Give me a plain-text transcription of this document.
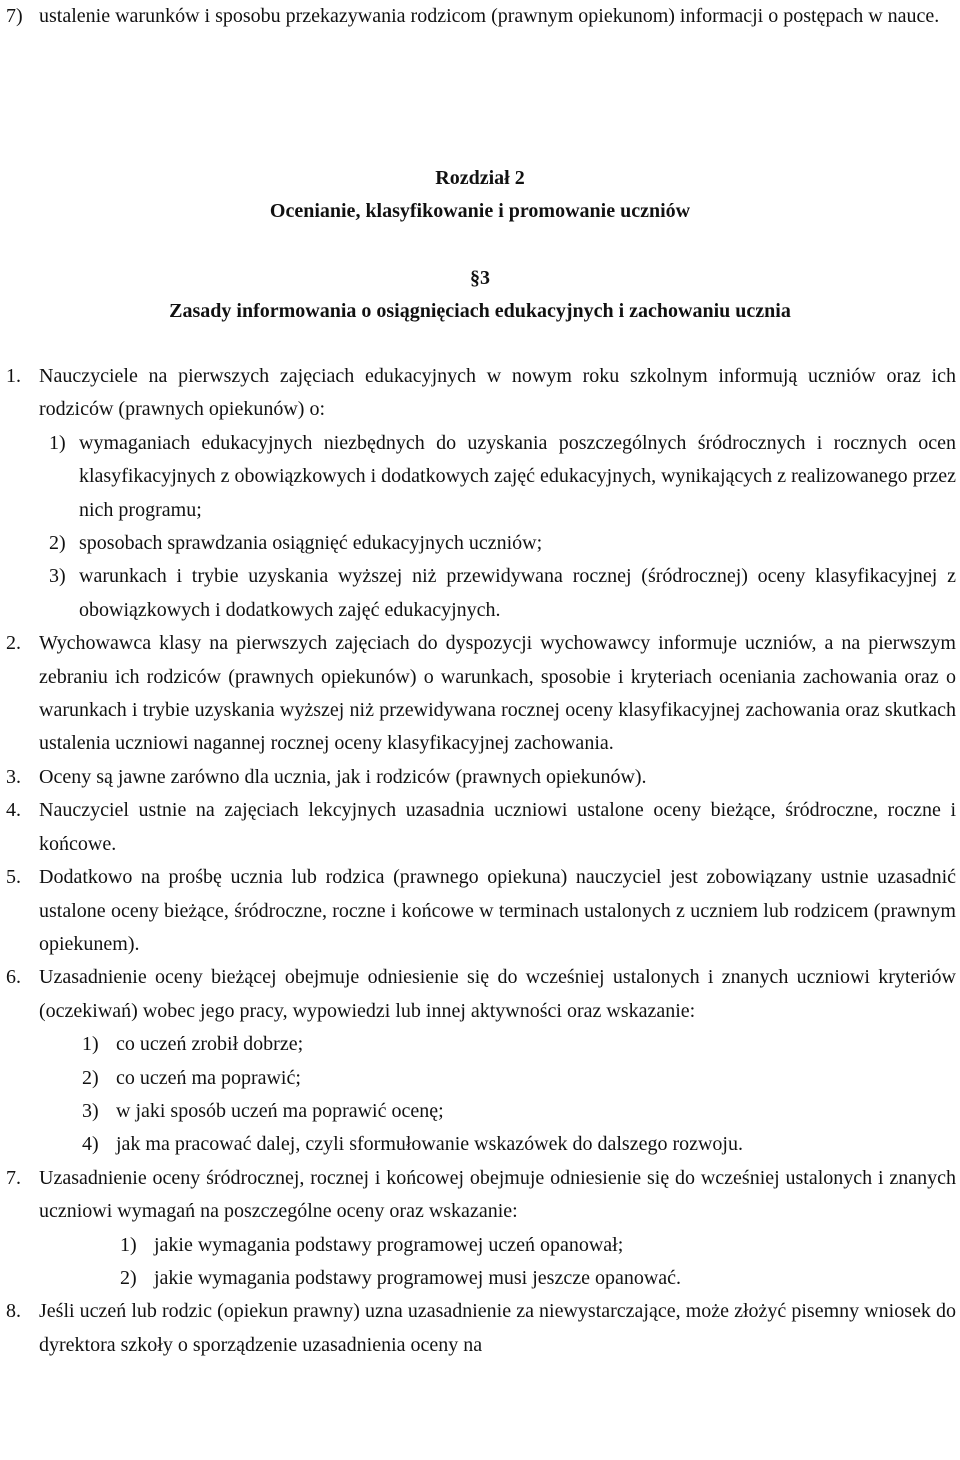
7) ustalenie warunków i sposobu przekazywania rodzicom (prawnym opiekunom) informacji o postępach w nauce.
Rozdział 2
Ocenianie, klasyfikowanie i promowanie uczniów
§3
Zasady informowania o osiągnięciach edukacyjnych i zachowaniu ucznia
1. Nauczyciele na pierwszych zajęciach edukacyjnych w nowym roku szkolnym informują uczniów oraz ich rodziców (prawnych opiekunów) o:
1) wymaganiach edukacyjnych niezbędnych do uzyskania poszczególnych śródrocznych i rocznych ocen klasyfikacyjnych z obowiązkowych i dodatkowych zajęć edukacyjnych, wynikających z realizowanego przez nich programu;
2) sposobach sprawdzania osiągnięć edukacyjnych uczniów;
3) warunkach i trybie uzyskania wyższej niż przewidywana rocznej (śródrocznej) oceny klasyfikacyjnej z obowiązkowych i dodatkowych zajęć edukacyjnych.
2. Wychowawca klasy na pierwszych zajęciach do dyspozycji wychowawcy informuje uczniów, a na pierwszym zebraniu ich rodziców (prawnych opiekunów) o warunkach, sposobie i kryteriach oceniania zachowania oraz o warunkach i trybie uzyskania wyższej niż przewidywana rocznej oceny klasyfikacyjnej zachowania oraz skutkach ustalenia uczniowi nagannej rocznej oceny klasyfikacyjnej zachowania.
3. Oceny są jawne zarówno dla ucznia, jak i rodziców (prawnych opiekunów).
4. Nauczyciel ustnie na zajęciach lekcyjnych uzasadnia uczniowi ustalone oceny bieżące, śródroczne, roczne i końcowe.
5. Dodatkowo na prośbę ucznia lub rodzica (prawnego opiekuna) nauczyciel jest zobowiązany ustnie uzasadnić ustalone oceny bieżące, śródroczne, roczne i końcowe w terminach ustalonych z uczniem lub rodzicem (prawnym opiekunem).
6. Uzasadnienie oceny bieżącej obejmuje odniesienie się do wcześniej ustalonych i znanych uczniowi kryteriów (oczekiwań) wobec jego pracy, wypowiedzi lub innej aktywności oraz wskazanie:
1) co uczeń zrobił dobrze;
2) co uczeń ma poprawić;
3) w jaki sposób uczeń ma poprawić ocenę;
4) jak ma pracować dalej, czyli sformułowanie wskazówek do dalszego rozwoju.
7. Uzasadnienie oceny śródrocznej, rocznej i końcowej obejmuje odniesienie się do wcześniej ustalonych i znanych uczniowi wymagań na poszczególne oceny oraz wskazanie:
1) jakie wymagania podstawy programowej uczeń opanował;
2) jakie wymagania podstawy programowej musi jeszcze opanować.
8. Jeśli uczeń lub rodzic (opiekun prawny) uzna uzasadnienie za niewystarczające, może złożyć pisemny wniosek do dyrektora szkoły o sporządzenie uzasadnienia oceny na
